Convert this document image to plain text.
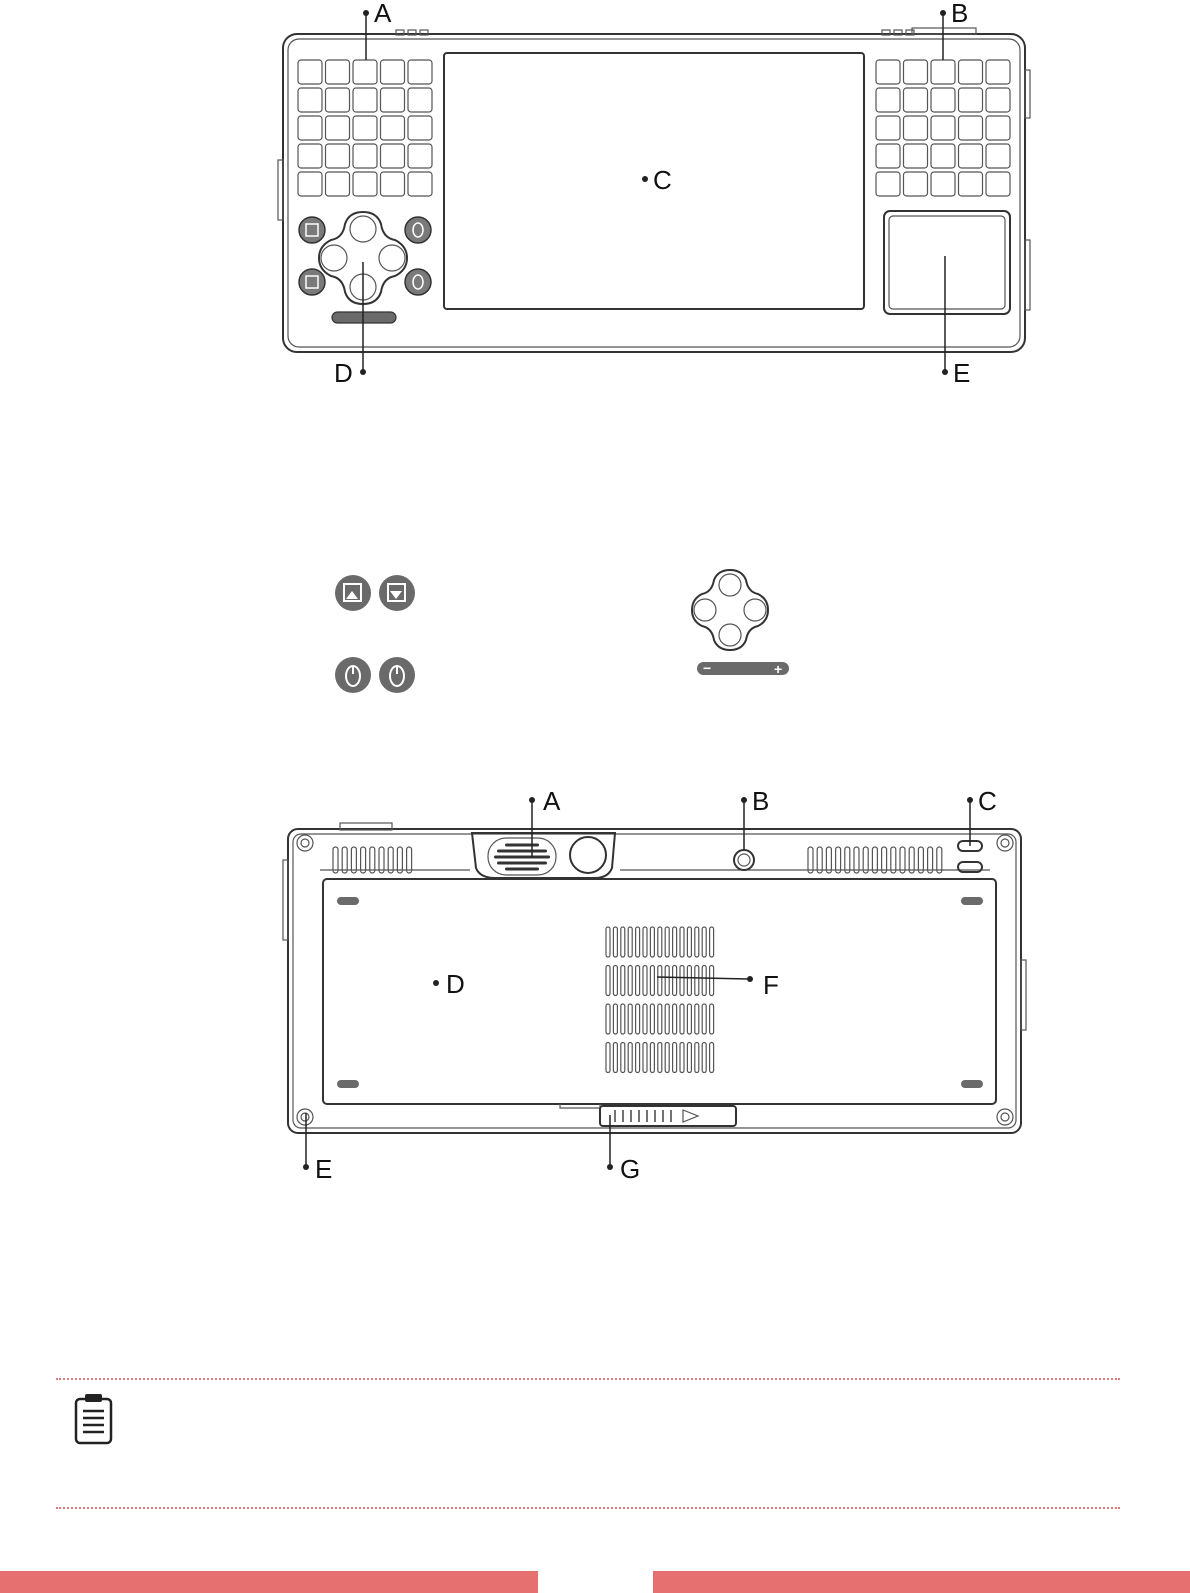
A	B
C
D	E
−	+
A	B	C
D	F
E	G
